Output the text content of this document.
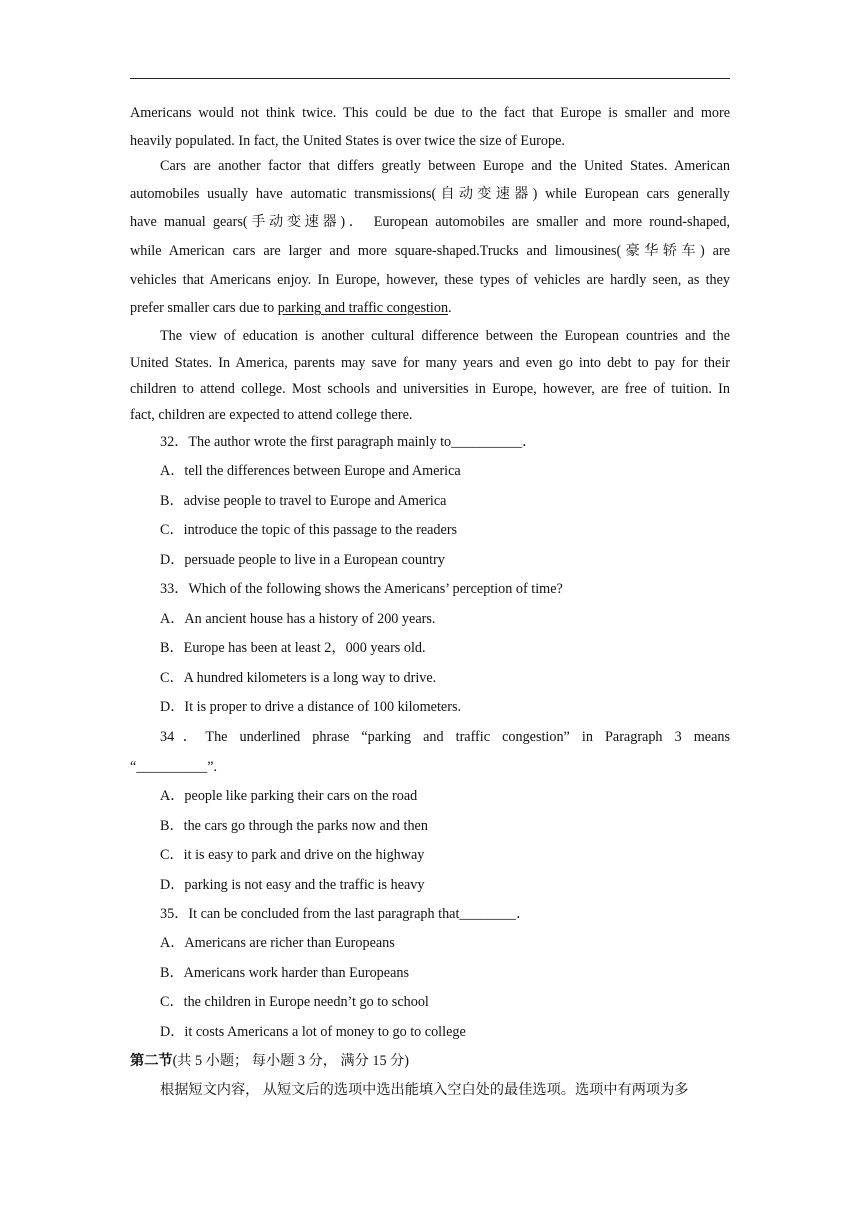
Americans would not think twice. This could be due to the fact that Europe is smaller and more
heavily populated. In fact, the United States is over twice the size of Europe.
Cars are another factor that differs greatly between Europe and the United States. American
automobiles usually have automatic transmissions(自动变速器) while European cars generally
have manual gears(手动变速器)． European automobiles are smaller and more round-shaped,
while American cars are larger and more square-shaped.Trucks and limousines(豪华轿车) are
vehicles that Americans enjoy. In Europe, however, these types of vehicles are hardly seen, as they
prefer smaller cars due to parking and traffic congestion.
The view of education is another cultural difference between the European countries and the
United States. In America, parents may save for many years and even go into debt to pay for their
children to attend college. Most schools and universities in Europe, however, are free of tuition. In
fact, children are expected to attend college there.
32．The author wrote the first paragraph mainly to__________．
A．tell the differences between Europe and America
B．advise people to travel to Europe and America
C．introduce the topic of this passage to the readers
D．persuade people to live in a European country
33．Which of the following shows the Americans’ perception of time?
A．An ancient house has a history of 200 years.
B．Europe has been at least 2，000 years old.
C．A hundred kilometers is a long way to drive.
D．It is proper to drive a distance of 100 kilometers.
34．The underlined phrase “parking and traffic congestion” in Paragraph 3 means
“__________”.
A．people like parking their cars on the road
B．the cars go through the parks now and then
C．it is easy to park and drive on the highway
D．parking is not easy and the traffic is heavy
35．It can be concluded from the last paragraph that________．
A．Americans are richer than Europeans
B．Americans work harder than Europeans
C．the children in Europe needn’t go to school
D．it costs Americans a lot of money to go to college
第二节(共 5 小题； 每小题 3 分， 满分 15 分)
根据短文内容， 从短文后的选项中选出能填入空白处的最佳选项。选项中有两项为多
